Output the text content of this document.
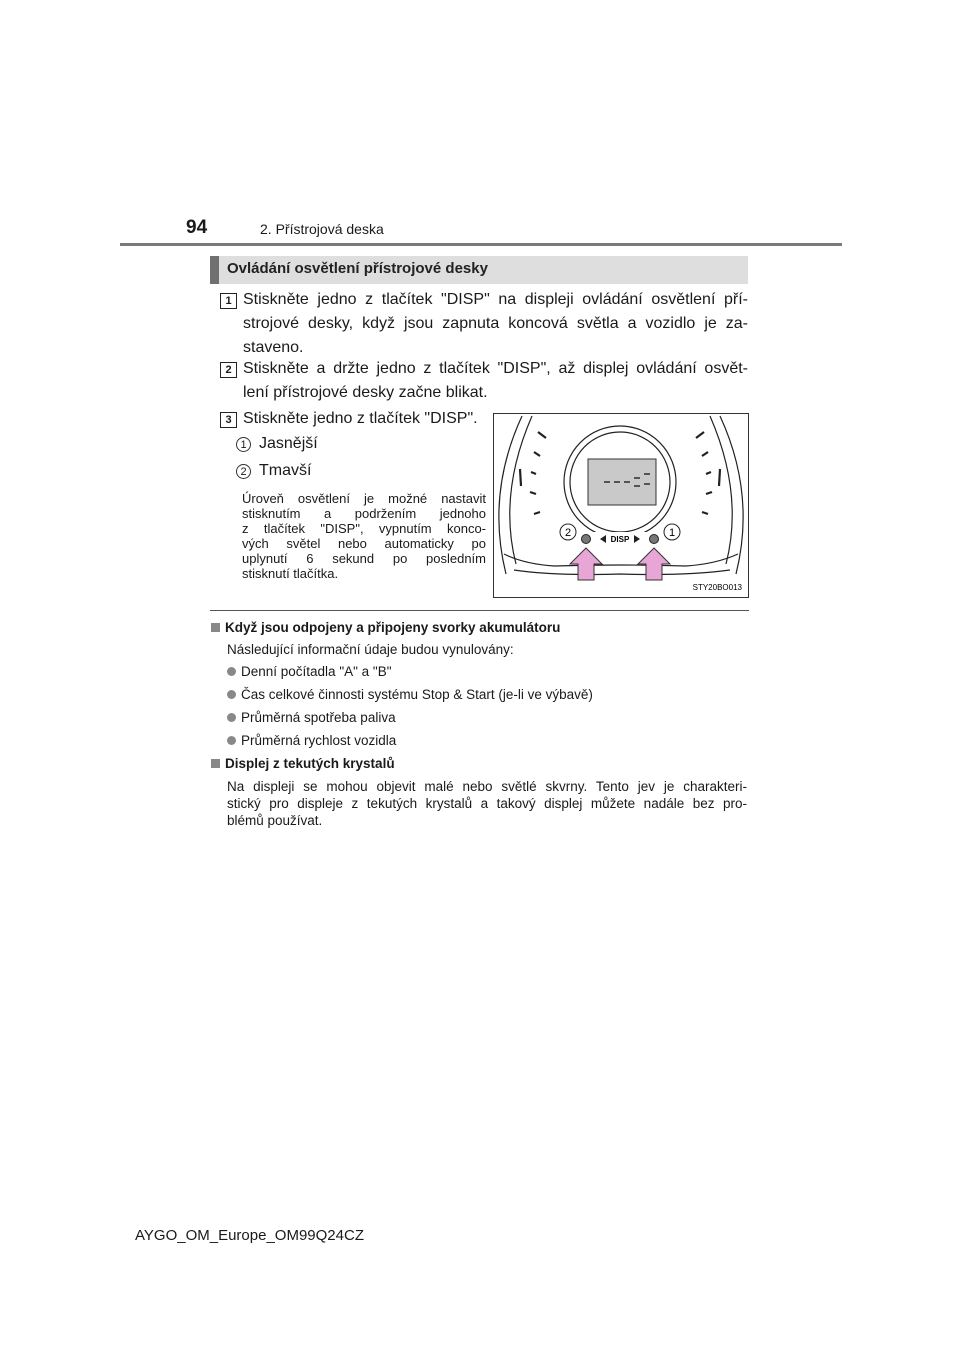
94	2. Přístrojová deska
Ovládání osvětlení přístrojové desky
1 Stiskněte jedno z tlačítek "DISP" na displeji ovládání osvětlení pří-
strojové desky, když jsou zapnuta koncová světla a vozidlo je za-
staveno.
2 Stiskněte a držte jedno z tlačítek "DISP", až displej ovládání osvět-
lení přístrojové desky začne blikat.
3 Stiskněte jedno z tlačítek "DISP".
1 Jasnější
2 Tmavší
Úroveň osvětlení je možné nastavit
stisknutím a podržením jednoho
z tlačítek "DISP", vypnutím konco-
vých světel nebo automaticky po
uplynutí 6 sekund po posledním
stisknutí tlačítka.
DISP
2	1
STY20BO013
Když jsou odpojeny a připojeny svorky akumulátoru
Následující informační údaje budou vynulovány:
Denní počítadla "A" a "B"
Čas celkové činnosti systému Stop & Start (je-li ve výbavě)
Průměrná spotřeba paliva
Průměrná rychlost vozidla
Displej z tekutých krystalů
Na displeji se mohou objevit malé nebo světlé skvrny. Tento jev je charakteri-
stický pro displeje z tekutých krystalů a takový displej můžete nadále bez pro-
blémů používat.
AYGO_OM_Europe_OM99Q24CZ
